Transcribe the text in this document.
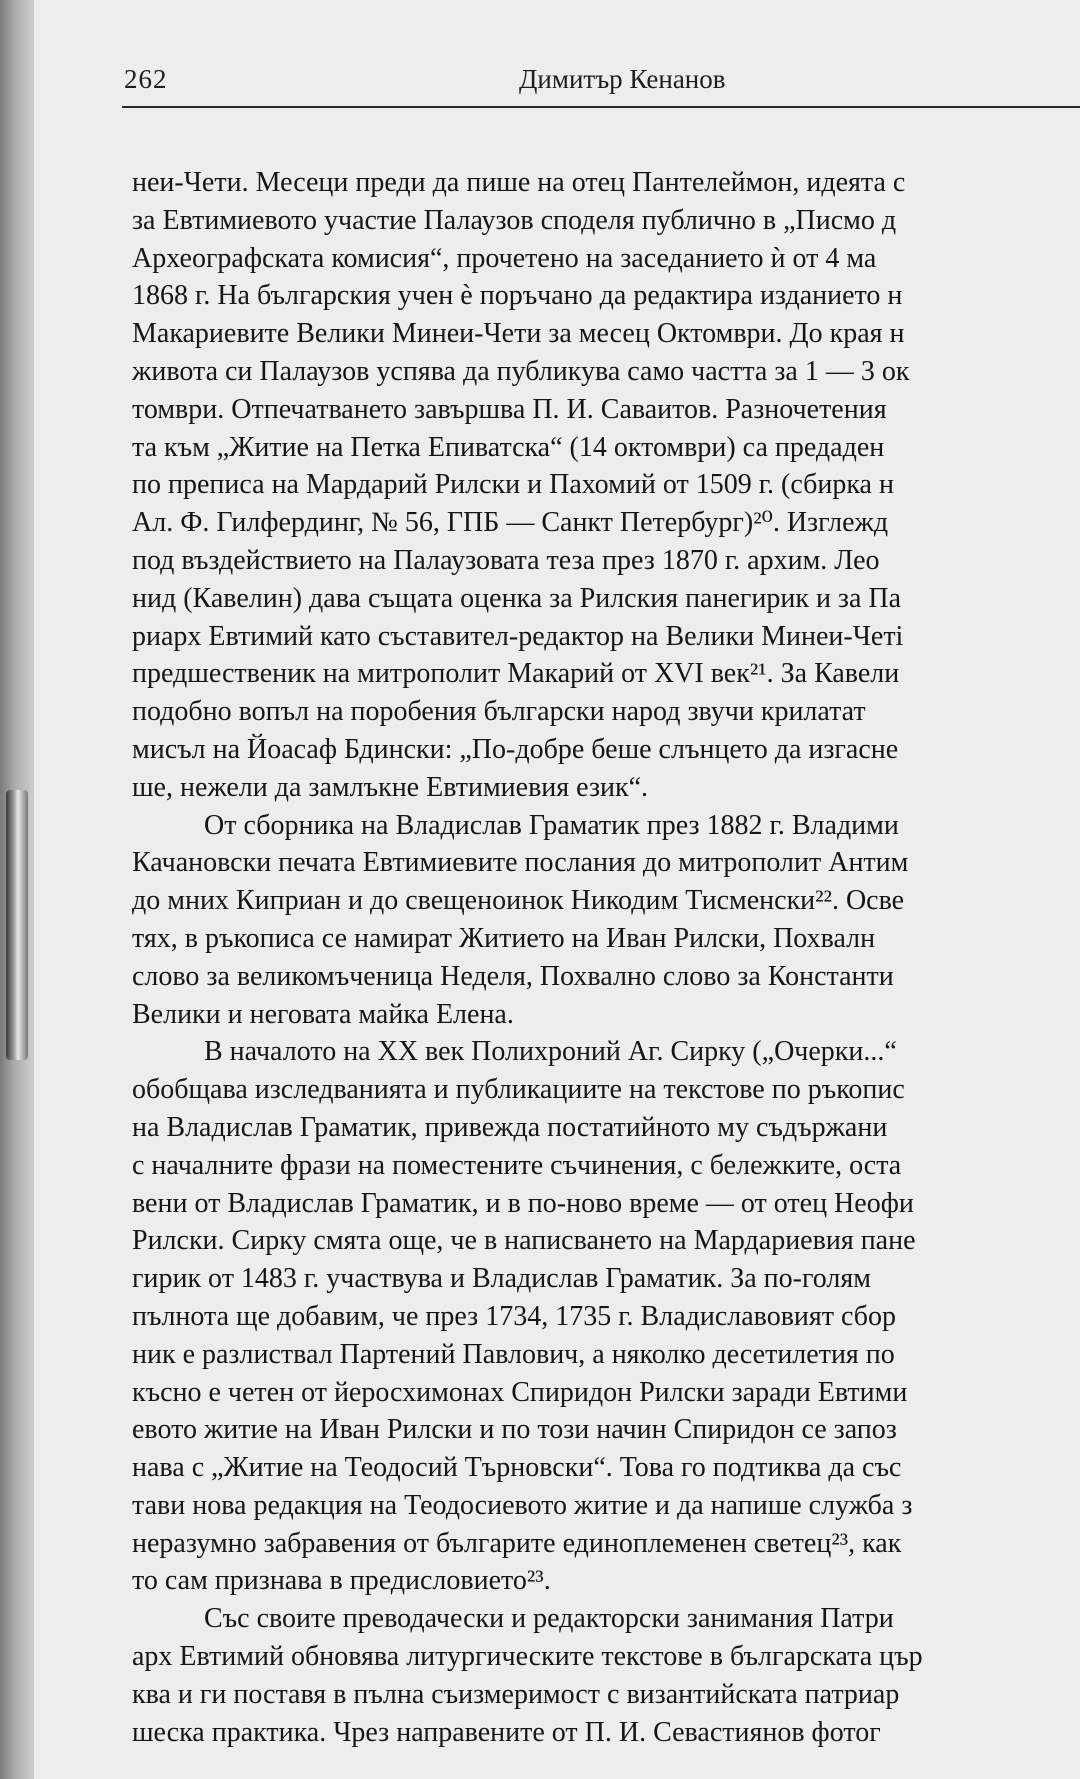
262	Димитър Кенанов
неи-Чети. Месеци преди да пише на отец Пантелеймон, идеята с
за Евтимиевото участие Палаузов споделя публично в „Писмо д
Археографската комисия“, прочетено на заседанието ѝ от 4 ма
1868 г. На българския учен ѐ поръчано да редактира изданието н
Макариевите Велики Минеи-Чети за месец Октомври. До края н
живота си Палаузов успява да публикува само частта за 1 — 3 ок
томври. Отпечатването завършва П. И. Саваитов. Разночетения
та към „Житие на Петка Епиватска“ (14 октомври) са предаден
по преписа на Мардарий Рилски и Пахомий от 1509 г. (сбирка н
Ал. Ф. Гилфердинг, № 56, ГПБ — Санкт Петербург)²⁰. Изглежд
под въздействието на Палаузовата теза през 1870 г. архим. Лео
нид (Кавелин) дава същата оценка за Рилския панегирик и за Па
риарх Евтимий като съставител-редактор на Велики Минеи-Четі
предшественик на митрополит Макарий от XVI век²¹. За Кавели
подобно вопъл на поробения български народ звучи крилатат
мисъл на Йоасаф Бдински: „По-добре беше слънцето да изгасне
ше, нежели да замлъкне Евтимиевия език“.
От сборника на Владислав Граматик през 1882 г. Владими
Качановски печата Евтимиевите послания до митрополит Антим
до мних Киприан и до свещеноинок Никодим Тисменски²². Осве
тях, в ръкописа се намират Житието на Иван Рилски, Похвалн
слово за великомъченица Неделя, Похвално слово за Константи
Велики и неговата майка Елена.
В началото на XX век Полихроний Аг. Сирку („Очерки...“
обобщава изследванията и публикациите на текстове по ръкопис
на Владислав Граматик, привежда постатийното му съдържани
с началните фрази на поместените съчинения, с бележките, оста
вени от Владислав Граматик, и в по-ново време — от отец Неофи
Рилски. Сирку смята още, че в написването на Мардариевия пане
гирик от 1483 г. участвува и Владислав Граматик. За по-голям
пълнота ще добавим, че през 1734, 1735 г. Владиславовият сбор
ник е разлиствал Партений Павлович, а няколко десетилетия по
късно е четен от йеросхимонах Спиридон Рилски заради Евтими
евото житие на Иван Рилски и по този начин Спиридон се запоз
нава с „Житие на Теодосий Търновски“. Това го подтиква да със
тави нова редакция на Теодосиевото житие и да напише служба з
неразумно забравения от българите единоплеменен светец²³, как
то сам признава в предисловието²³.
Със своите преводачески и редакторски занимания Патри
арх Евтимий обновява литургическите текстове в българската цър
ква и ги поставя в пълна съизмеримост с византийската патриар
шеска практика. Чрез направените от П. И. Севастиянов фотог
